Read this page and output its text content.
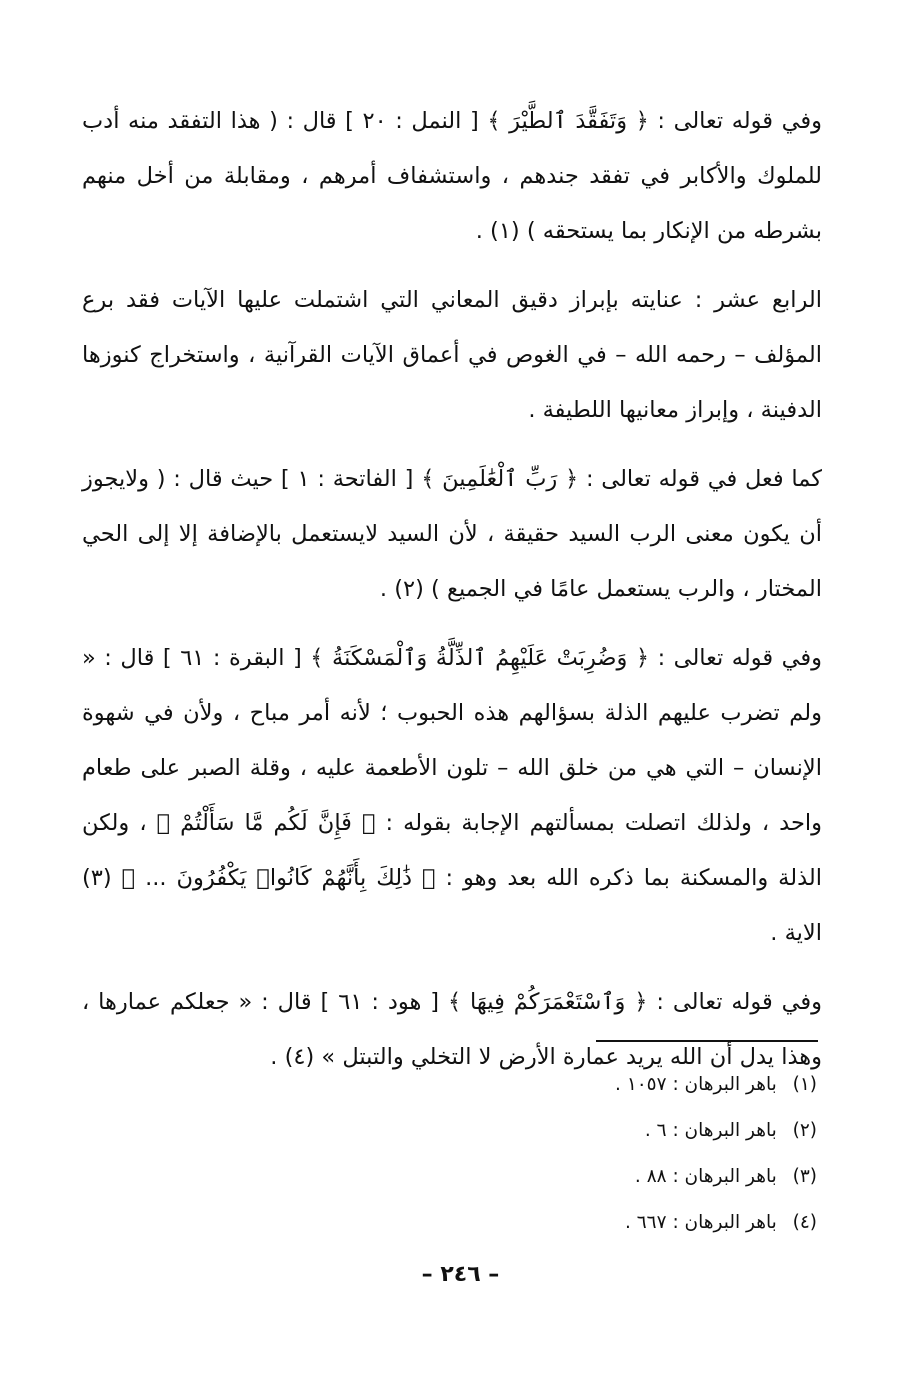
وفي قوله تعالى : ﴿ وَتَفَقَّدَ ٱلطَّيْرَ ﴾ [ النمل : ٢٠ ] قال : ( هذا التفقد منه أدب للملوك والأكابر في تفقد جندهم ، واستشفاف أمرهم ، ومقابلة من أخل منهم بشرطه من الإنكار بما يستحقه ) (١) .

الرابع عشر : عنايته بإبراز دقيق المعاني التي اشتملت عليها الآيات فقد برع المؤلف – رحمه الله – في الغوص في أعماق الآيات القرآنية ، واستخراج كنوزها الدفينة ، وإبراز معانيها اللطيفة .

كما فعل في قوله تعالى : ﴿ رَبِّ ٱلْعَٰلَمِينَ ﴾ [ الفاتحة : ١ ] حيث قال : ( ولايجوز أن يكون معنى الرب السيد حقيقة ، لأن السيد لايستعمل بالإضافة إلا إلى الحي المختار ، والرب يستعمل عامًا في الجميع ) (٢) .

وفي قوله تعالى : ﴿ وَضُرِبَتْ عَلَيْهِمُ ٱلذِّلَّةُ وَٱلْمَسْكَنَةُ ﴾ [ البقرة : ٦١ ] قال : « ولم تضرب عليهم الذلة بسؤالهم هذه الحبوب ؛ لأنه أمر مباح ، ولأن في شهوة الإنسان – التي هي من خلق الله – تلون الأطعمة عليه ، وقلة الصبر على طعام واحد ، ولذلك اتصلت بمسألتهم الإجابة بقوله : ﴿ فَإِنَّ لَكُم مَّا سَأَلْتُمْ ﴾ ، ولكن الذلة والمسكنة بما ذكره الله بعد وهو : ﴿ ذَٰلِكَ بِأَنَّهُمْ كَانُوا۟ يَكْفُرُونَ ... ﴾ (٣) الاية .

وفي قوله تعالى : ﴿ وَٱسْتَعْمَرَكُمْ فِيهَا ﴾ [ هود : ٦١ ] قال : « جعلكم عمارها ، وهذا يدل أن الله يريد عمارة الأرض لا التخلي والتبتل » (٤) .

(١) باهر البرهان : ١٠٥٧ .
(٢) باهر البرهان : ٦ .
(٣) باهر البرهان : ٨٨ .
(٤) باهر البرهان : ٦٦٧ .
– ٢٤٦ –
